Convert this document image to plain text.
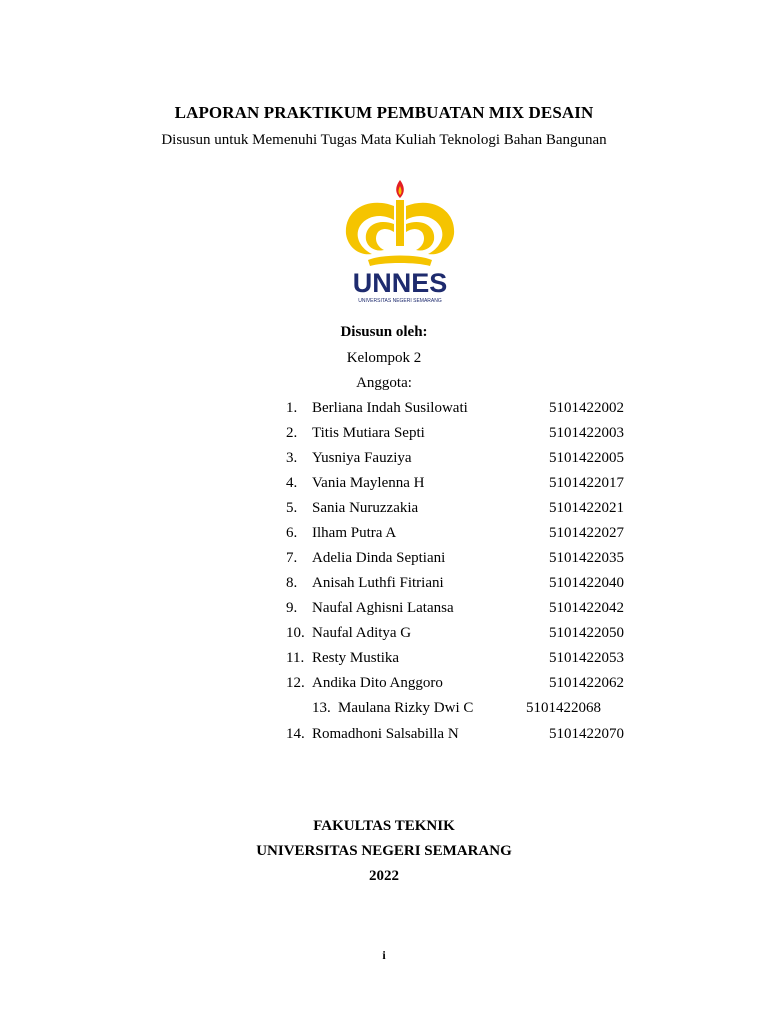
LAPORAN PRAKTIKUM PEMBUATAN MIX DESAIN
Disusun untuk Memenuhi Tugas Mata Kuliah Teknologi Bahan Bangunan
UNNES
UNIVERSITAS NEGERI SEMARANG
Disusun oleh:
Kelompok 2
Anggota:
1. Berliana Indah Susilowati	5101422002
2. Titis Mutiara Septi	5101422003
3. Yusniya Fauziya	5101422005
4. Vania Maylenna H	5101422017
5. Sania Nuruzzakia	5101422021
6. Ilham Putra A	5101422027
7. Adelia Dinda Septiani	5101422035
8. Anisah Luthfi Fitriani	5101422040
9. Naufal Aghisni Latansa	5101422042
10. Naufal Aditya G	5101422050
11. Resty Mustika	5101422053
12. Andika Dito Anggoro	5101422062
13. Maulana Rizky Dwi C	5101422068
14. Romadhoni Salsabilla N	5101422070
FAKULTAS TEKNIK
UNIVERSITAS NEGERI SEMARANG
2022
i
